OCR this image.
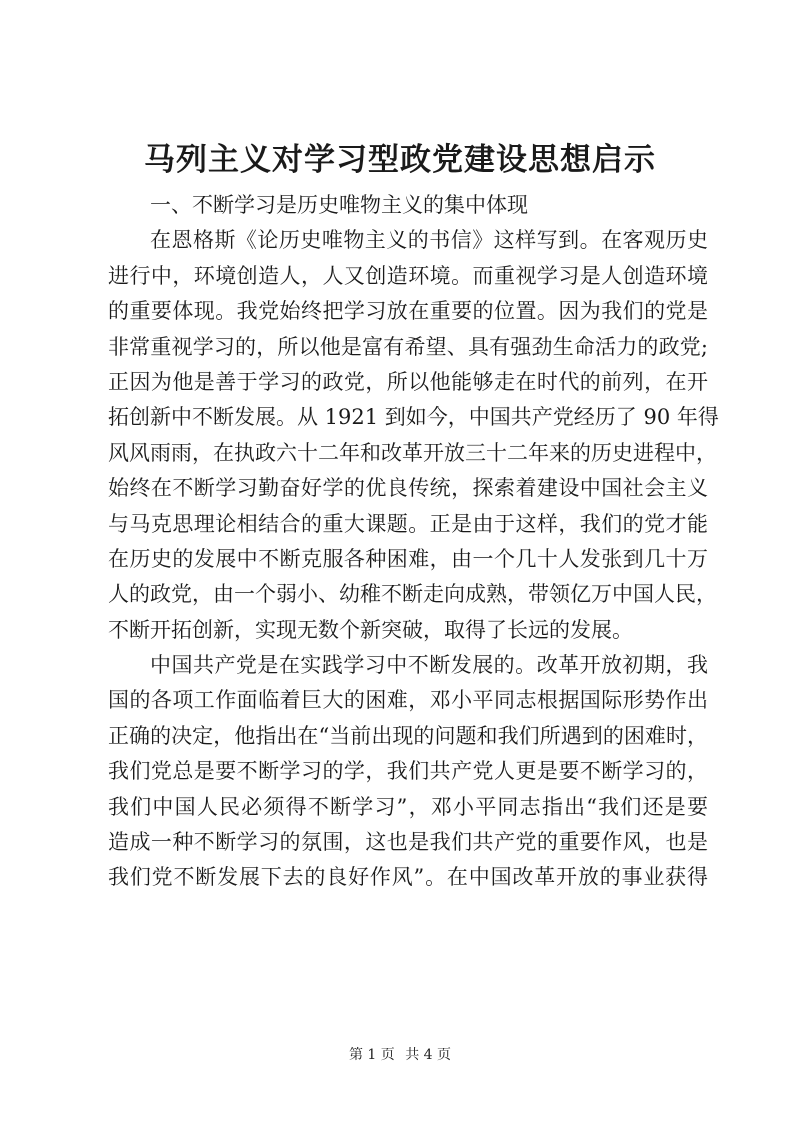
马列主义对学习型政党建设思想启示
一、不断学习是历史唯物主义的集中体现
在恩格斯《论历史唯物主义的书信》这样写到。在客观历史
进行中，环境创造人，人又创造环境。而重视学习是人创造环境
的重要体现。我党始终把学习放在重要的位置。因为我们的党是
非常重视学习的，所以他是富有希望、具有强劲生命活力的政党;
正因为他是善于学习的政党，所以他能够走在时代的前列，在开
拓创新中不断发展。从 1921 到如今，中国共产党经历了 90 年得
风风雨雨，在执政六十二年和改革开放三十二年来的历史进程中，
始终在不断学习勤奋好学的优良传统，探索着建设中国社会主义
与马克思理论相结合的重大课题。正是由于这样，我们的党才能
在历史的发展中不断克服各种困难，由一个几十人发张到几十万
人的政党，由一个弱小、幼稚不断走向成熟，带领亿万中国人民，
不断开拓创新，实现无数个新突破，取得了长远的发展。
中国共产党是在实践学习中不断发展的。改革开放初期，我
国的各项工作面临着巨大的困难，邓小平同志根据国际形势作出
正确的决定，他指出在“当前出现的问题和我们所遇到的困难时，
我们党总是要不断学习的学，我们共产党人更是要不断学习的，
我们中国人民必须得不断学习”，邓小平同志指出“我们还是要
造成一种不断学习的氛围，这也是我们共产党的重要作风，也是
我们党不断发展下去的良好作风”。在中国改革开放的事业获得
第 1 页 共 4 页
